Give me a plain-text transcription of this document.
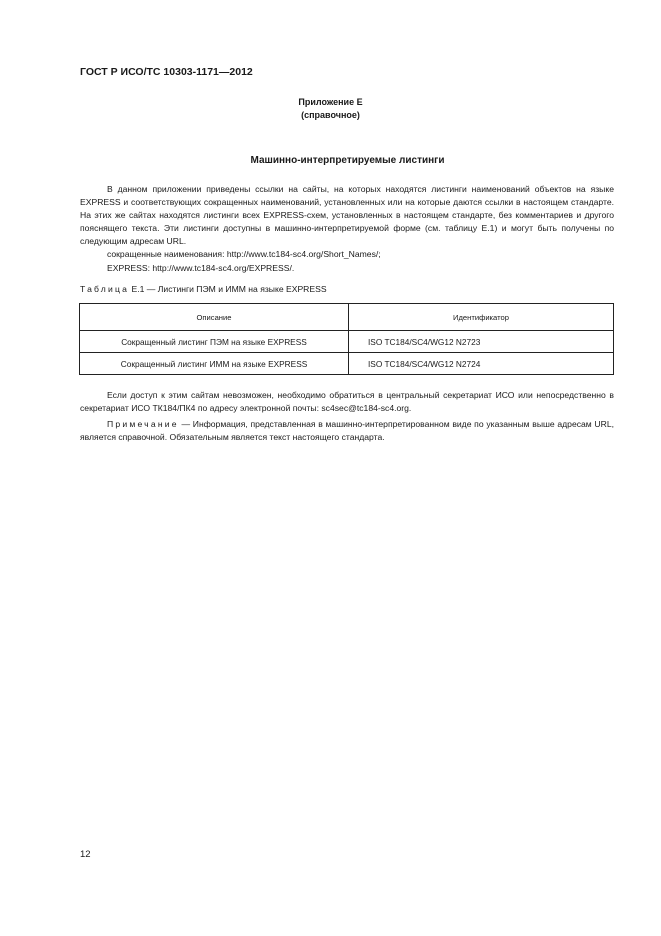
ГОСТ Р ИСО/ТС 10303-1171—2012
Приложение Е
(справочное)
Машинно-интерпретируемые листинги
В данном приложении приведены ссылки на сайты, на которых находятся листинги наименований объектов на языке EXPRESS и соответствующих сокращенных наименований, установленных или на которые даются ссылки в настоящем стандарте. На этих же сайтах находятся листинги всех EXPRESS-схем, установленных в настоящем стандарте, без комментариев и другого пояснящего текста. Эти листинги доступны в машинно-интерпретируемой форме (см. таблицу Е.1) и могут быть получены по следующим адресам URL.
сокращенные наименования: http://www.tc184-sc4.org/Short_Names/;
EXPRESS: http://www.tc184-sc4.org/EXPRESS/.
Таблица Е.1 — Листинги ПЭМ и ИММ на языке EXPRESS
Описание	Идентификатор
Сокращенный листинг ПЭМ на языке EXPRESS	ISO TC184/SC4/WG12 N2723
Сокращенный листинг ИММ на языке EXPRESS	ISO TC184/SC4/WG12 N2724
Если доступ к этим сайтам невозможен, необходимо обратиться в центральный секретариат ИСО или непосредственно в секретариат ИСО ТК184/ПК4 по адресу электронной почты: sc4sec@tc184-sc4.org.
Примечание — Информация, представленная в машинно-интерпретированном виде по указанным выше адресам URL, является справочной. Обязательным является текст настоящего стандарта.
12
